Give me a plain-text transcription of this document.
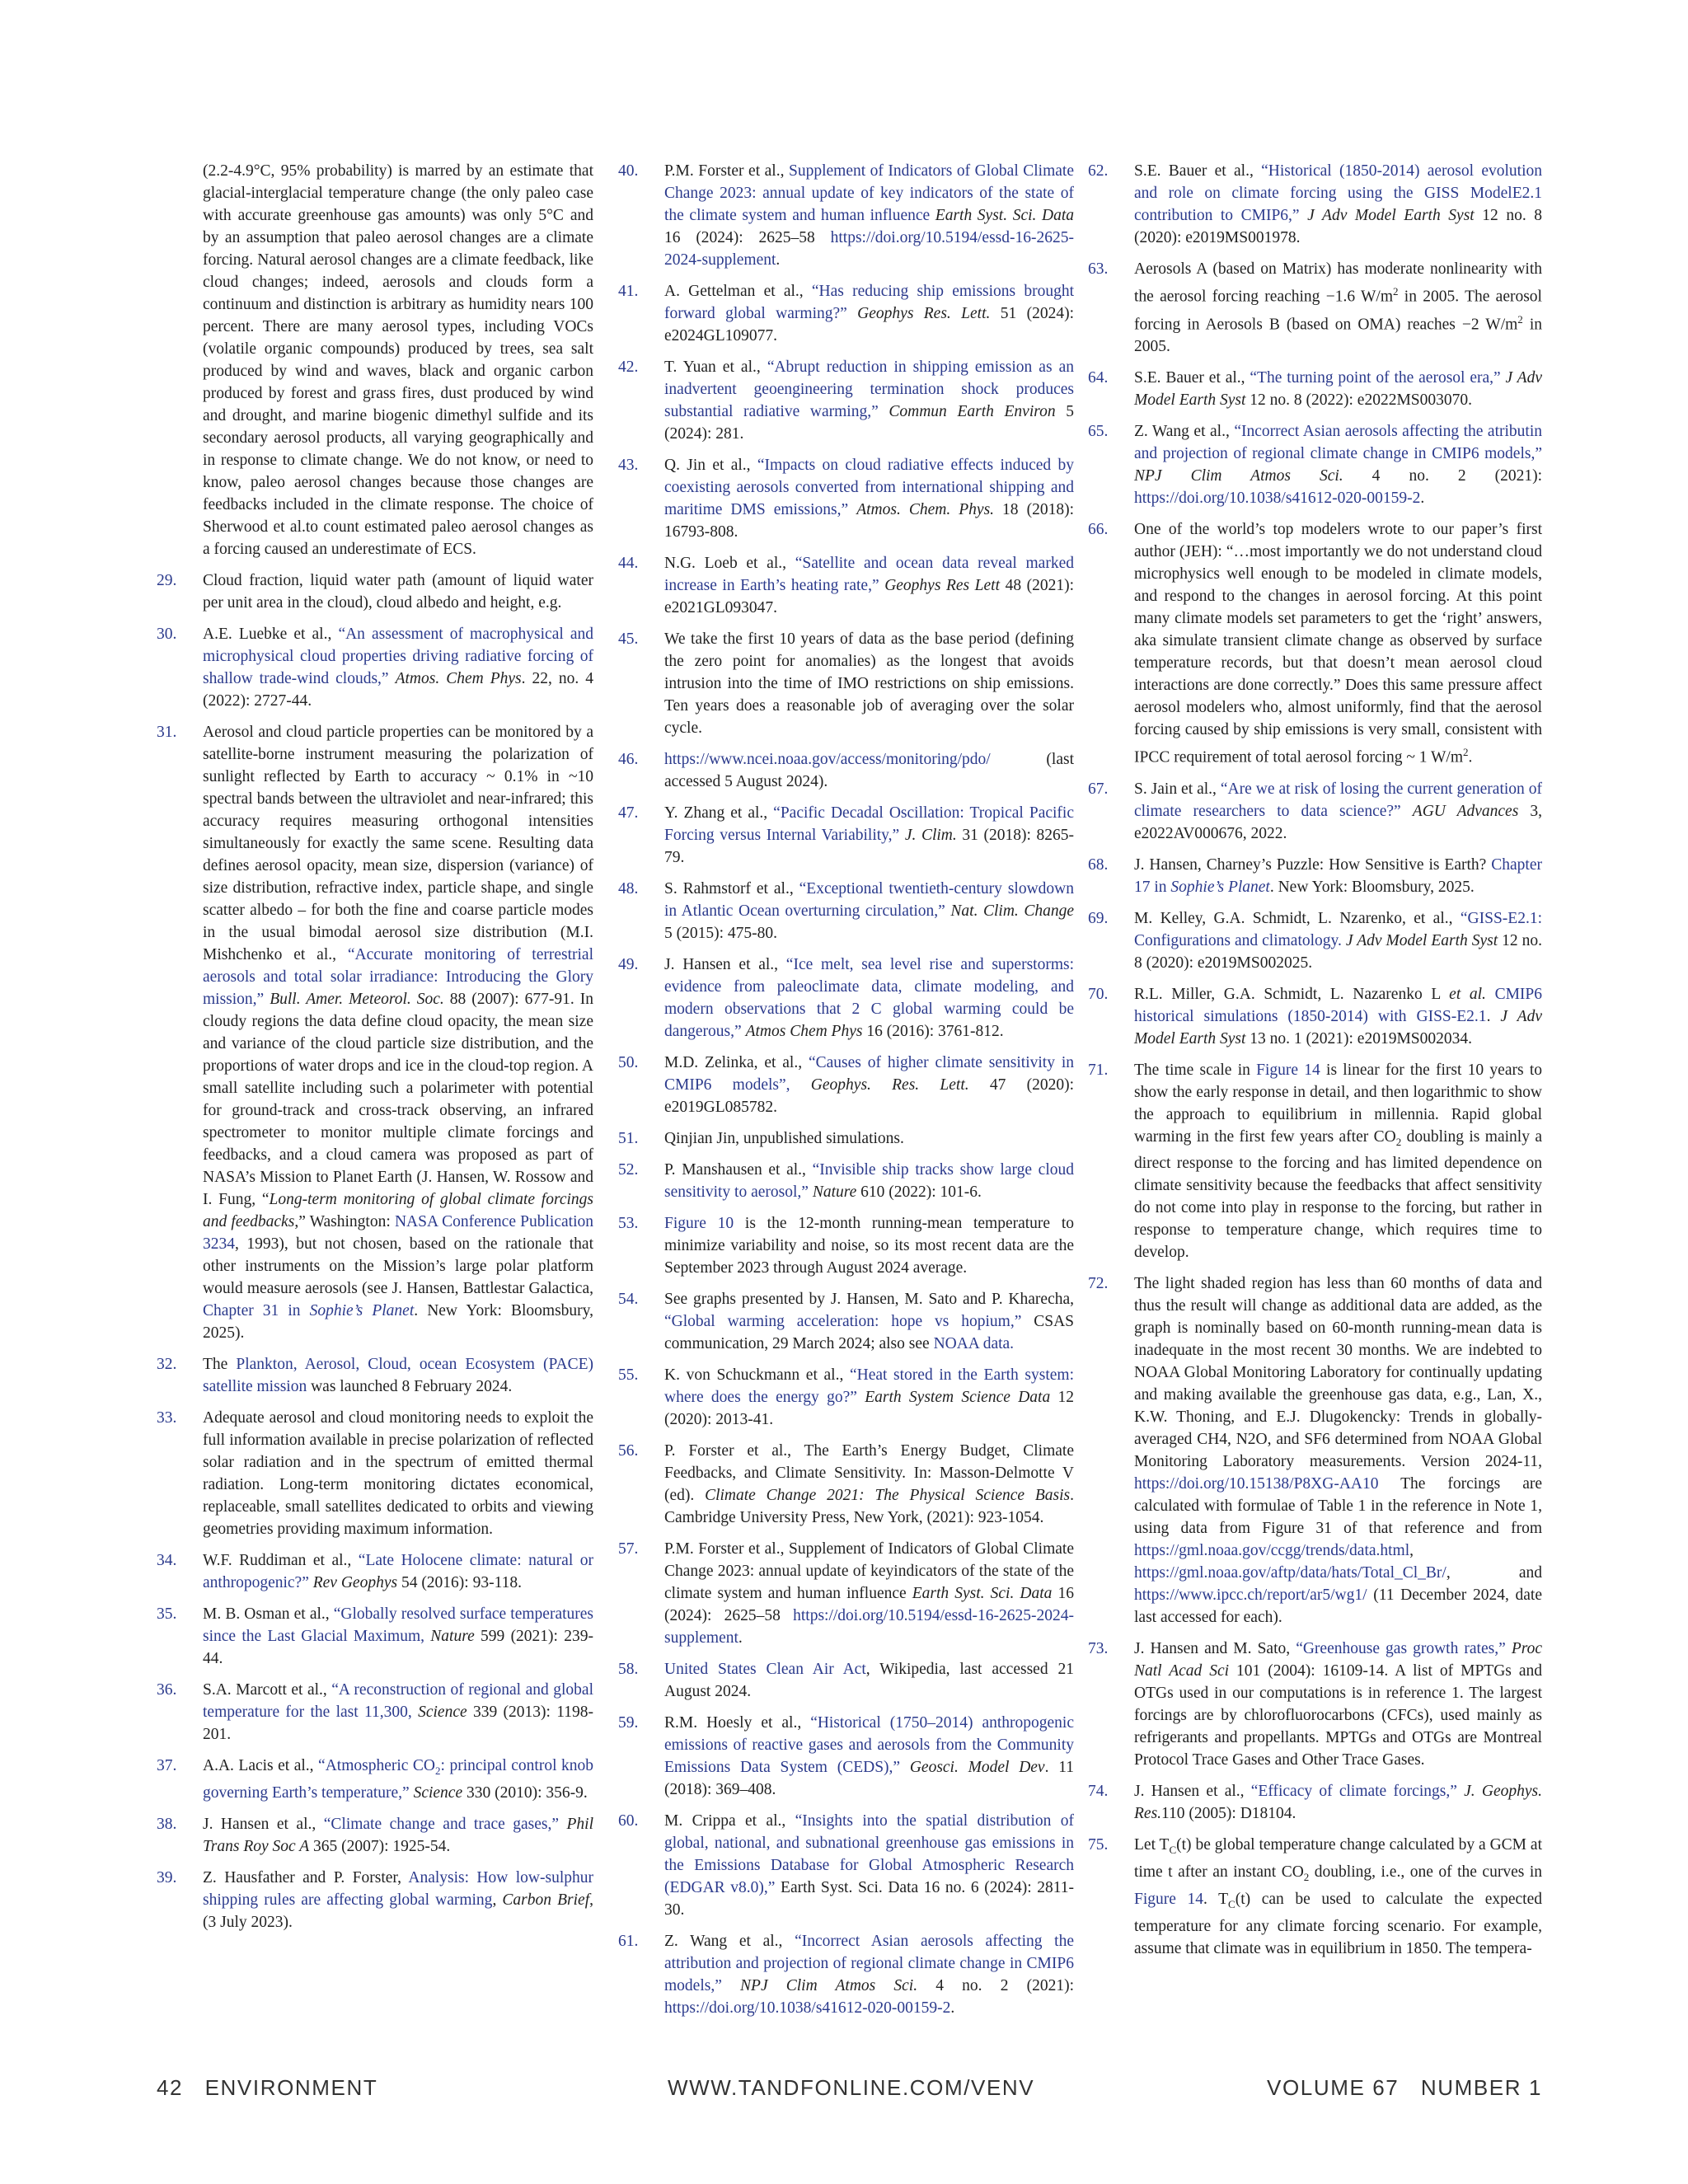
(2.2-4.9°C, 95% probability) is marred by an estimate that glacial-interglacial temperature change (the only paleo case with accurate greenhouse gas amounts) was only 5°C and by an assumption that paleo aerosol changes are a climate forcing. Natural aerosol changes are a climate feedback, like cloud changes; indeed, aerosols and clouds form a continuum and distinction is arbitrary as humidity nears 100 percent. There are many aerosol types, including VOCs (volatile organic compounds) produced by trees, sea salt produced by wind and waves, black and organic carbon produced by forest and grass fires, dust produced by wind and drought, and marine biogenic dimethyl sulfide and its secondary aerosol products, all varying geographically and in response to climate change. We do not know, or need to know, paleo aerosol changes because those changes are feedbacks included in the climate response. The choice of Sherwood et al.to count estimated paleo aerosol changes as a forcing caused an underestimate of ECS.
29. Cloud fraction, liquid water path (amount of liquid water per unit area in the cloud), cloud albedo and height, e.g.
30. A.E. Luebke et al., “An assessment of macrophysical and microphysical cloud properties driving radiative forcing of shallow trade-wind clouds,” Atmos. Chem Phys. 22, no. 4 (2022): 2727-44.
31. Aerosol and cloud particle properties can be monitored by a satellite-borne instrument measuring the polarization of sunlight reflected by Earth to accuracy ~ 0.1% in ~10 spectral bands between the ultraviolet and near-infrared; this accuracy requires measuring orthogonal intensities simultaneously for exactly the same scene. Resulting data defines aerosol opacity, mean size, dispersion (variance) of size distribution, refractive index, particle shape, and single scatter albedo – for both the fine and coarse particle modes in the usual bimodal aerosol size distribution (M.I. Mishchenko et al., “Accurate monitoring of terrestrial aerosols and total solar irradiance: Introducing the Glory mission,” Bull. Amer. Meteorol. Soc. 88 (2007): 677-91. In cloudy regions the data define cloud opacity, the mean size and variance of the cloud particle size distribution, and the proportions of water drops and ice in the cloud-top region. A small satellite including such a polarimeter with potential for ground-track and cross-track observing, an infrared spectrometer to monitor multiple climate forcings and feedbacks, and a cloud camera was proposed as part of NASA’s Mission to Planet Earth (J. Hansen, W. Rossow and I. Fung, “Long-term monitoring of global climate forcings and feedbacks,” Washington: NASA Conference Publication 3234, 1993), but not chosen, based on the rationale that other instruments on the Mission’s large polar platform would measure aerosols (see J. Hansen, Battlestar Galactica, Chapter 31 in Sophie’s Planet. New York: Bloomsbury, 2025).
32. The Plankton, Aerosol, Cloud, ocean Ecosystem (PACE) satellite mission was launched 8 February 2024.
33. Adequate aerosol and cloud monitoring needs to exploit the full information available in precise polarization of reflected solar radiation and in the spectrum of emitted thermal radiation. Long-term monitoring dictates economical, replaceable, small satellites dedicated to orbits and viewing geometries providing maximum information.
34. W.F. Ruddiman et al., “Late Holocene climate: natural or anthropogenic?” Rev Geophys 54 (2016): 93-118.
35. M. B. Osman et al., “Globally resolved surface temperatures since the Last Glacial Maximum, Nature 599 (2021): 239-44.
36. S.A. Marcott et al., “A reconstruction of regional and global temperature for the last 11,300, Science 339 (2013): 1198-201.
37. A.A. Lacis et al., “Atmospheric $CO_2$: principal control knob governing Earth’s temperature,” Science 330 (2010): 356-9.
38. J. Hansen et al., “Climate change and trace gases,” Phil Trans Roy Soc A 365 (2007): 1925-54.
39. Z. Hausfather and P. Forster, Analysis: How low-sulphur shipping rules are affecting global warming, Carbon Brief, (3 July 2023).
40. P.M. Forster et al., Supplement of Indicators of Global Climate Change 2023: annual update of key indicators of the state of the climate system and human influence Earth Syst. Sci. Data 16 (2024): 2625–58 https://doi.org/10.5194/essd-16-2625-2024-supplement.
41. A. Gettelman et al., “Has reducing ship emissions brought forward global warming?” Geophys Res. Lett. 51 (2024): e2024GL109077.
42. T. Yuan et al., “Abrupt reduction in shipping emission as an inadvertent geoengineering termination shock produces substantial radiative warming,” Commun Earth Environ 5 (2024): 281.
43. Q. Jin et al., “Impacts on cloud radiative effects induced by coexisting aerosols converted from international shipping and maritime DMS emissions,” Atmos. Chem. Phys. 18 (2018): 16793-808.
44. N.G. Loeb et al., “Satellite and ocean data reveal marked increase in Earth’s heating rate,” Geophys Res Lett 48 (2021): e2021GL093047.
45. We take the first 10 years of data as the base period (defining the zero point for anomalies) as the longest that avoids intrusion into the time of IMO restrictions on ship emissions. Ten years does a reasonable job of averaging over the solar cycle.
46. https://www.ncei.noaa.gov/access/monitoring/pdo/ (last accessed 5 August 2024).
47. Y. Zhang et al., “Pacific Decadal Oscillation: Tropical Pacific Forcing versus Internal Variability,” J. Clim. 31 (2018): 8265-79.
48. S. Rahmstorf et al., “Exceptional twentieth-century slowdown in Atlantic Ocean overturning circulation,” Nat. Clim. Change 5 (2015): 475-80.
49. J. Hansen et al., “Ice melt, sea level rise and superstorms: evidence from paleoclimate data, climate modeling, and modern observations that 2 C global warming could be dangerous,” Atmos Chem Phys 16 (2016): 3761-812.
50. M.D. Zelinka, et al., “Causes of higher climate sensitivity in CMIP6 models”, Geophys. Res. Lett. 47 (2020): e2019GL085782.
51. Qinjian Jin, unpublished simulations.
52. P. Manshausen et al., “Invisible ship tracks show large cloud sensitivity to aerosol,” Nature 610 (2022): 101-6.
53. Figure 10 is the 12-month running-mean temperature to minimize variability and noise, so its most recent data are the September 2023 through August 2024 average.
54. See graphs presented by J. Hansen, M. Sato and P. Kharecha, “Global warming acceleration: hope vs hopium,” CSAS communication, 29 March 2024; also see NOAA data.
55. K. von Schuckmann et al., “Heat stored in the Earth system: where does the energy go?” Earth System Science Data 12 (2020): 2013-41.
56. P. Forster et al., The Earth’s Energy Budget, Climate Feedbacks, and Climate Sensitivity. In: Masson-Delmotte V (ed). Climate Change 2021: The Physical Science Basis. Cambridge University Press, New York, (2021): 923-1054.
57. P.M. Forster et al., Supplement of Indicators of Global Climate Change 2023: annual update of keyindicators of the state of the climate system and human influence Earth Syst. Sci. Data 16 (2024): 2625–58 https://doi.org/10.5194/essd-16-2625-2024-supplement.
58. United States Clean Air Act, Wikipedia, last accessed 21 August 2024.
59. R.M. Hoesly et al., “Historical (1750–2014) anthropogenic emissions of reactive gases and aerosols from the Community Emissions Data System (CEDS),” Geosci. Model Dev. 11 (2018): 369–408.
60. M. Crippa et al., “Insights into the spatial distribution of global, national, and subnational greenhouse gas emissions in the Emissions Database for Global Atmospheric Research (EDGAR v8.0),” Earth Syst. Sci. Data 16 no. 6 (2024): 2811-30.
61. Z. Wang et al., “Incorrect Asian aerosols affecting the attribution and projection of regional climate change in CMIP6 models,” NPJ Clim Atmos Sci. 4 no. 2 (2021): https://doi.org/10.1038/s41612-020-00159-2.
62. S.E. Bauer et al., “Historical (1850-2014) aerosol evolution and role on climate forcing using the GISS ModelE2.1 contribution to CMIP6,” J Adv Model Earth Syst 12 no. 8 (2020): e2019MS001978.
63. Aerosols A (based on Matrix) has moderate nonlinearity with the aerosol forcing reaching −1.6 $W/m^2$ in 2005. The aerosol forcing in Aerosols B (based on OMA) reaches −2 $W/m^2$ in 2005.
64. S.E. Bauer et al., “The turning point of the aerosol era,” J Adv Model Earth Syst 12 no. 8 (2022): e2022MS003070.
65. Z. Wang et al., “Incorrect Asian aerosols affecting the atributin and projection of regional climate change in CMIP6 models,” NPJ Clim Atmos Sci. 4 no. 2 (2021): https://doi.org/10.1038/s41612-020-00159-2.
66. One of the world’s top modelers wrote to our paper’s first author (JEH): “…most importantly we do not understand cloud microphysics well enough to be modeled in climate models, and respond to the changes in aerosol forcing. At this point many climate models set parameters to get the ‘right’ answers, aka simulate transient climate change as observed by surface temperature records, but that doesn’t mean aerosol cloud interactions are done correctly.” Does this same pressure affect aerosol modelers who, almost uniformly, find that the aerosol forcing caused by ship emissions is very small, consistent with IPCC requirement of total aerosol forcing ~ 1 $W/m^2$.
67. S. Jain et al., “Are we at risk of losing the current generation of climate researchers to data science?” AGU Advances 3, e2022AV000676, 2022.
68. J. Hansen, Charney’s Puzzle: How Sensitive is Earth? Chapter 17 in Sophie’s Planet. New York: Bloomsbury, 2025.
69. M. Kelley, G.A. Schmidt, L. Nzarenko, et al., “GISS-E2.1: Configurations and climatology. J Adv Model Earth Syst 12 no. 8 (2020): e2019MS002025.
70. R.L. Miller, G.A. Schmidt, L. Nazarenko L et al. CMIP6 historical simulations (1850-2014) with GISS-E2.1. J Adv Model Earth Syst 13 no. 1 (2021): e2019MS002034.
71. The time scale in Figure 14 is linear for the first 10 years to show the early response in detail, and then logarithmic to show the approach to equilibrium in millennia. Rapid global warming in the first few years after $CO_2$ doubling is mainly a direct response to the forcing and has limited dependence on climate sensitivity because the feedbacks that affect sensitivity do not come into play in response to the forcing, but rather in response to temperature change, which requires time to develop.
72. The light shaded region has less than 60 months of data and thus the result will change as additional data are added, as the graph is nominally based on 60-month running-mean data is inadequate in the most recent 30 months. We are indebted to NOAA Global Monitoring Laboratory for continually updating and making available the greenhouse gas data, e.g., Lan, X., K.W. Thoning, and E.J. Dlugokencky: Trends in globally-averaged CH4, N2O, and SF6 determined from NOAA Global Monitoring Laboratory measurements. Version 2024-11, https://doi.org/10.15138/P8XG-AA10 The forcings are calculated with formulae of Table 1 in the reference in Note 1, using data from Figure 31 of that reference and from https://gml.noaa.gov/ccgg/trends/data.html, https://gml.noaa.gov/aftp/data/hats/Total_Cl_Br/, and https://www.ipcc.ch/report/ar5/wg1/ (11 December 2024, date last accessed for each).
73. J. Hansen and M. Sato, “Greenhouse gas growth rates,” Proc Natl Acad Sci 101 (2004): 16109-14. A list of MPTGs and OTGs used in our computations is in reference 1. The largest forcings are by chlorofluorocarbons (CFCs), used mainly as refrigerants and propellants. MPTGs and OTGs are Montreal Protocol Trace Gases and Other Trace Gases.
74. J. Hansen et al., “Efficacy of climate forcings,” J. Geophys. Res.110 (2005): D18104.
75. Let $T_C(t)$ be global temperature change calculated by a GCM at time t after an instant $CO_2$ doubling, i.e., one of the curves in Figure 14. $T_C(t)$ can be used to calculate the expected temperature for any climate forcing scenario. For example, assume that climate was in equilibrium in 1850. The tempera-
42 ENVIRONMENT	WWW.TANDFONLINE.COM/VENV	VOLUME 67 NUMBER 1
